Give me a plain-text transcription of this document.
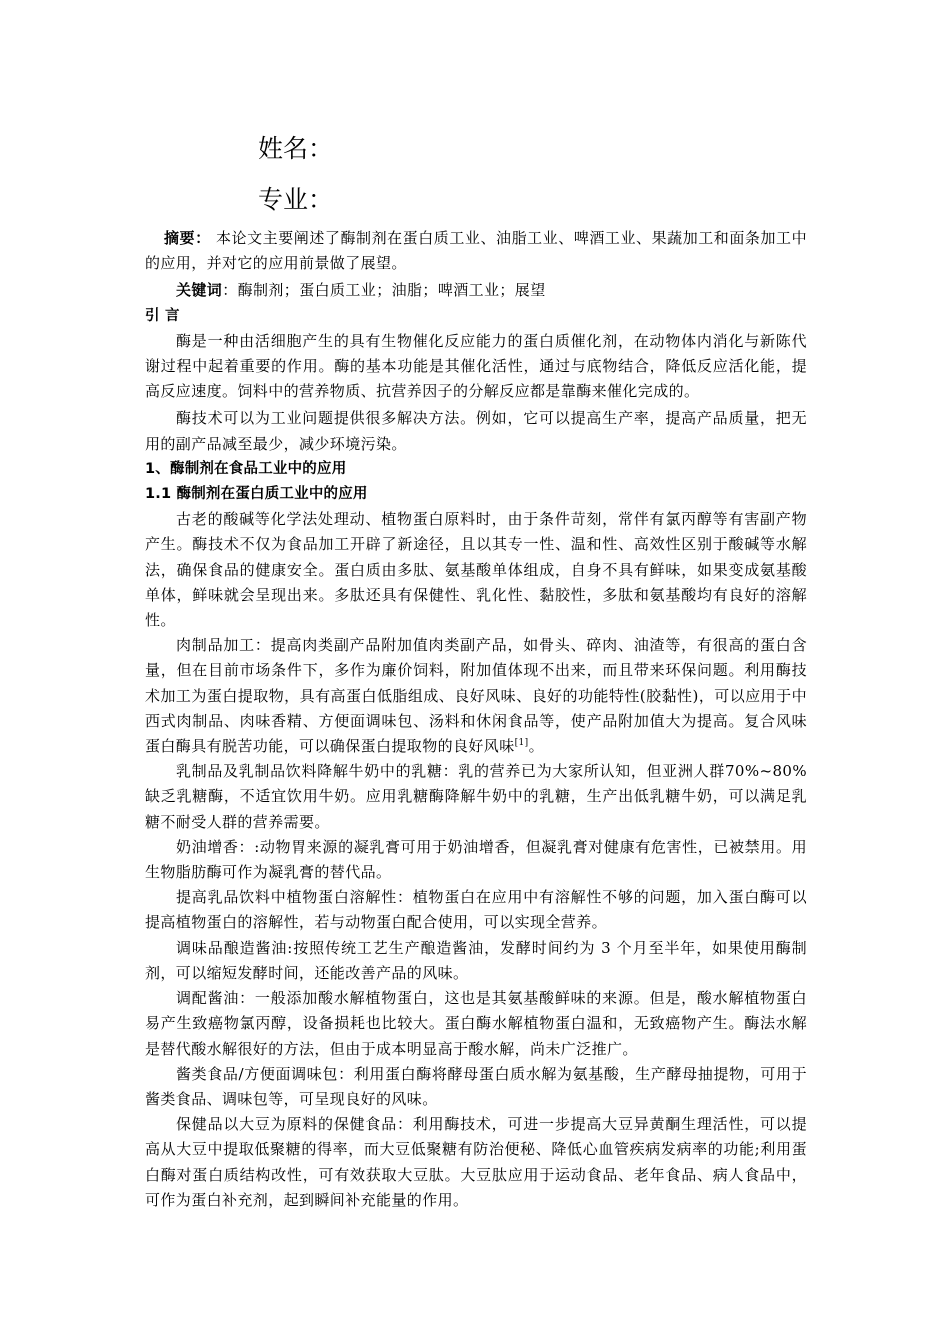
姓名：
专业：

摘要： 本论文主要阐述了酶制剂在蛋白质工业、油脂工业、啤酒工业、果蔬加工和面条加工中的应用，并对它的应用前景做了展望。

关键词：酶制剂；蛋白质工业；油脂；啤酒工业；展望

引 言

酶是一种由活细胞产生的具有生物催化反应能力的蛋白质催化剂，在动物体内消化与新陈代谢过程中起着重要的作用。酶的基本功能是其催化活性，通过与底物结合，降低反应活化能，提高反应速度。饲料中的营养物质、抗营养因子的分解反应都是靠酶来催化完成的。

酶技术可以为工业问题提供很多解决方法。例如，它可以提高生产率，提高产品质量，把无用的副产品减至最少，减少环境污染。

1、酶制剂在食品工业中的应用

1.1 酶制剂在蛋白质工业中的应用

古老的酸碱等化学法处理动、植物蛋白原料时，由于条件苛刻，常伴有氯丙醇等有害副产物产生。酶技术不仅为食品加工开辟了新途径，且以其专一性、温和性、高效性区别于酸碱等水解法，确保食品的健康安全。蛋白质由多肽、氨基酸单体组成，自身不具有鲜味，如果变成氨基酸单体，鲜味就会呈现出来。多肽还具有保健性、乳化性、黏胶性，多肽和氨基酸均有良好的溶解性。

肉制品加工：提高肉类副产品附加值肉类副产品，如骨头、碎肉、油渣等，有很高的蛋白含量，但在目前市场条件下，多作为廉价饲料，附加值体现不出来，而且带来环保问题。利用酶技术加工为蛋白提取物，具有高蛋白低脂组成、良好风味、良好的功能特性(胶黏性)，可以应用于中西式肉制品、肉味香精、方便面调味包、汤料和休闲食品等，使产品附加值大为提高。复合风味蛋白酶具有脱苦功能，可以确保蛋白提取物的良好风味[1]。

乳制品及乳制品饮料降解牛奶中的乳糖：乳的营养已为大家所认知，但亚洲人群70%~80%缺乏乳糖酶，不适宜饮用牛奶。应用乳糖酶降解牛奶中的乳糖，生产出低乳糖牛奶，可以满足乳糖不耐受人群的营养需要。

奶油增香：:动物胃来源的凝乳膏可用于奶油增香，但凝乳膏对健康有危害性，已被禁用。用生物脂肪酶可作为凝乳膏的替代品。

提高乳品饮料中植物蛋白溶解性：植物蛋白在应用中有溶解性不够的问题，加入蛋白酶可以提高植物蛋白的溶解性，若与动物蛋白配合使用，可以实现全营养。

调味品酿造酱油:按照传统工艺生产酿造酱油，发酵时间约为 3 个月至半年，如果使用酶制剂，可以缩短发酵时间，还能改善产品的风味。

调配酱油：一般添加酸水解植物蛋白，这也是其氨基酸鲜味的来源。但是，酸水解植物蛋白易产生致癌物氯丙醇，设备损耗也比较大。蛋白酶水解植物蛋白温和，无致癌物产生。酶法水解是替代酸水解很好的方法，但由于成本明显高于酸水解，尚未广泛推广。

酱类食品/方便面调味包：利用蛋白酶将酵母蛋白质水解为氨基酸，生产酵母抽提物，可用于酱类食品、调味包等，可呈现良好的风味。

保健品以大豆为原料的保健食品：利用酶技术，可进一步提高大豆异黄酮生理活性，可以提高从大豆中提取低聚糖的得率，而大豆低聚糖有防治便秘、降低心血管疾病发病率的功能;利用蛋白酶对蛋白质结构改性，可有效获取大豆肽。大豆肽应用于运动食品、老年食品、病人食品中，可作为蛋白补充剂，起到瞬间补充能量的作用。
